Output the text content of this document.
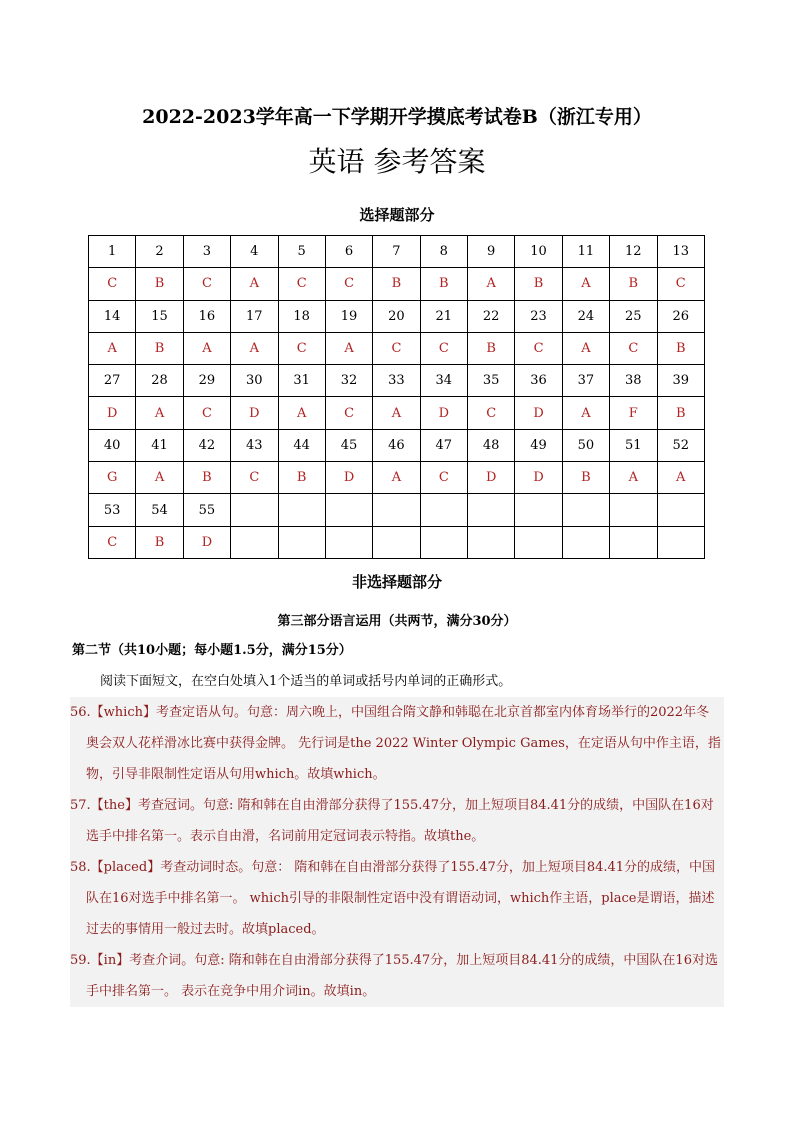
2022-2023学年高一下学期开学摸底考试卷B（浙江专用）
英语 参考答案
选择题部分
1	2	3	4	5	6	7	8	9	10	11	12	13
C	B	C	A	C	C	B	B	A	B	A	B	C
14	15	16	17	18	19	20	21	22	23	24	25	26
A	B	A	A	C	A	C	C	B	C	A	C	B
27	28	29	30	31	32	33	34	35	36	37	38	39
D	A	C	D	A	C	A	D	C	D	A	F	B
40	41	42	43	44	45	46	47	48	49	50	51	52
G	A	B	C	B	D	A	C	D	D	B	A	A
53	54	55										
C	B	D										
非选择题部分
第三部分语言运用（共两节，满分30分）
第二节（共10小题；每小题1.5分，满分15分）
阅读下面短文，在空白处填入1个适当的单词或括号内单词的正确形式。
56.【which】考查定语从句。句意：周六晚上，中国组合隋文静和韩聪在北京首都室内体育场举行的2022年冬奥会双人花样滑冰比赛中获得金牌。 先行词是the 2022 Winter Olympic Games，在定语从句中作主语，指物，引导非限制性定语从句用which。故填which。
57.【the】考查冠词。句意: 隋和韩在自由滑部分获得了155.47分，加上短项目84.41分的成绩，中国队在16对选手中排名第一。表示自由滑，名词前用定冠词表示特指。故填the。
58.【placed】考查动词时态。句意： 隋和韩在自由滑部分获得了155.47分，加上短项目84.41分的成绩，中国队在16对选手中排名第一。 which引导的非限制性定语中没有谓语动词，which作主语，place是谓语，描述过去的事情用一般过去时。故填placed。
59.【in】考查介词。句意: 隋和韩在自由滑部分获得了155.47分，加上短项目84.41分的成绩，中国队在16对选手中排名第一。 表示在竞争中用介词in。故填in。
